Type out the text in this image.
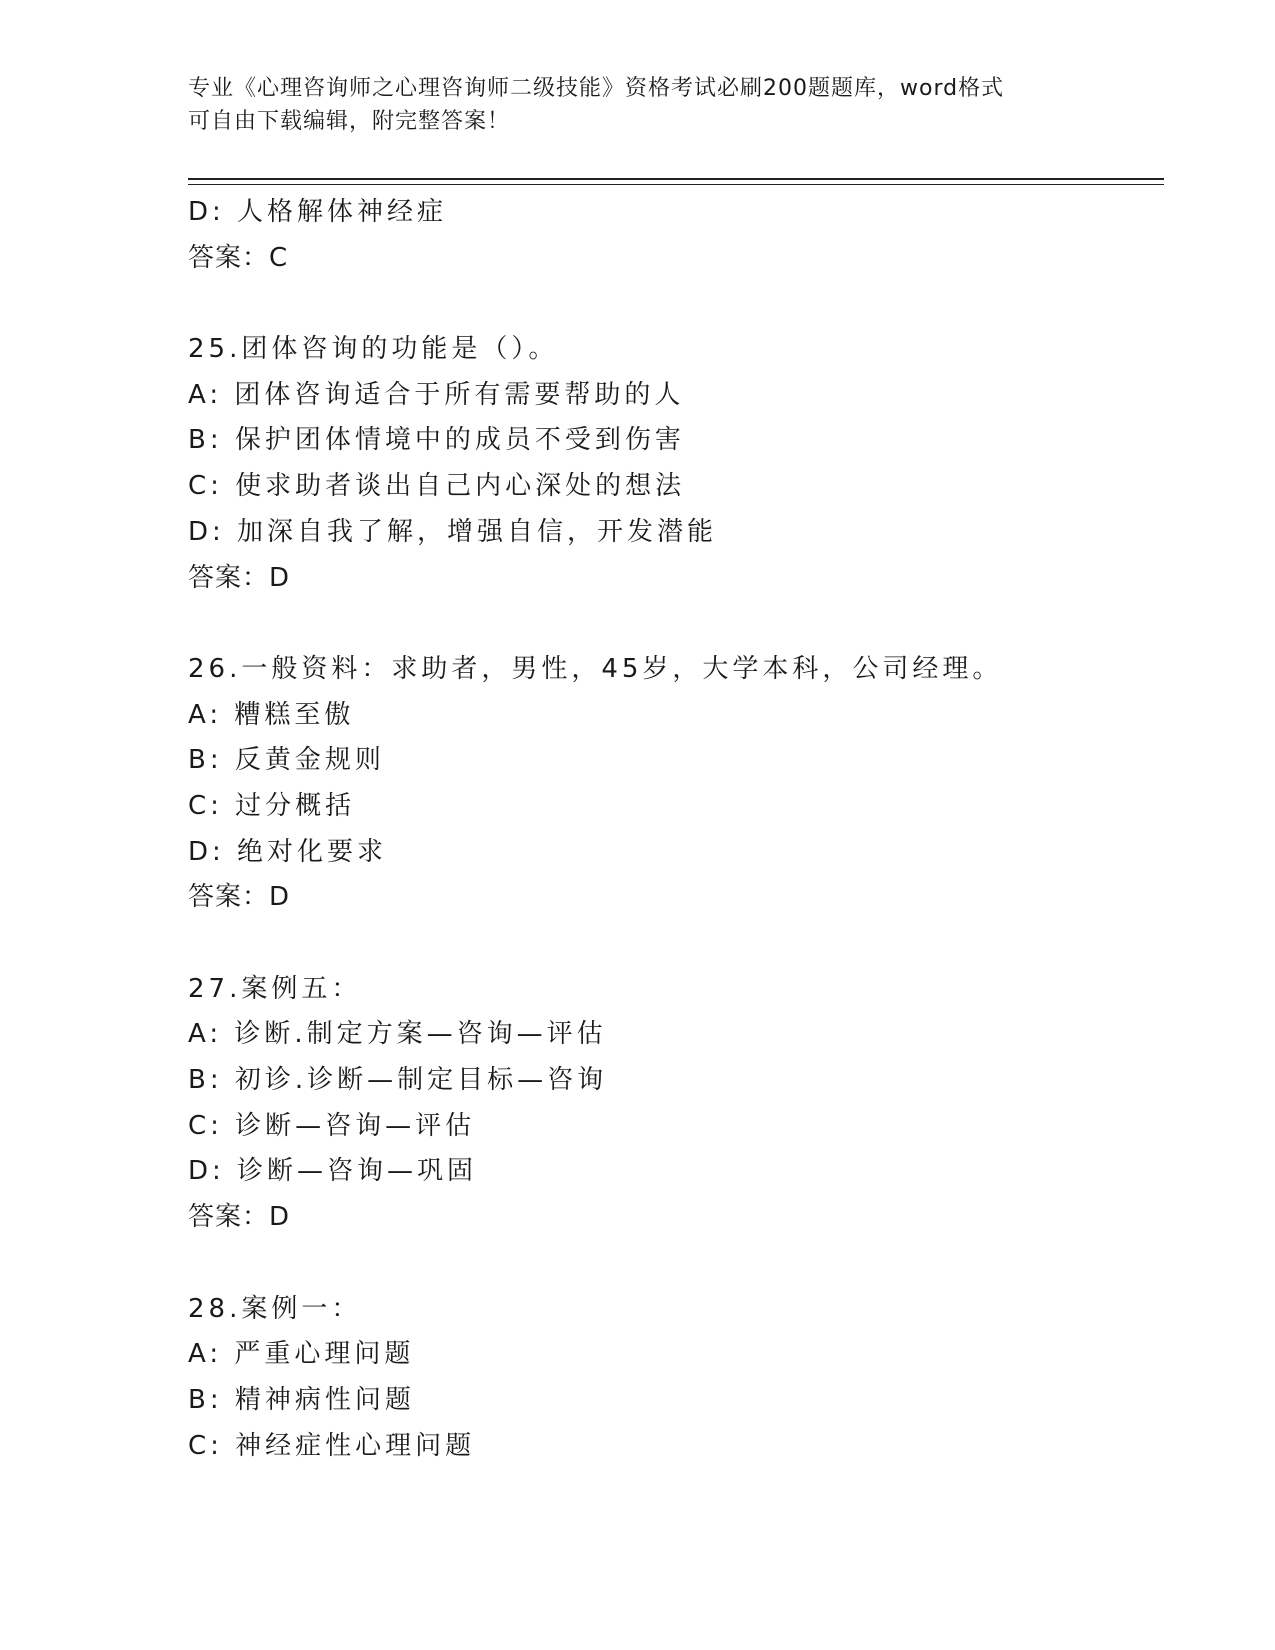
专业《心理咨询师之心理咨询师二级技能》资格考试必刷200题题库，word格式
可自由下载编辑，附完整答案！
D: 人格解体神经症
答案：C
25.团体咨询的功能是（）。
A: 团体咨询适合于所有需要帮助的人
B: 保护团体情境中的成员不受到伤害
C: 使求助者谈出自己内心深处的想法
D: 加深自我了解，增强自信，开发潜能
答案：D
26.一般资料：求助者，男性，45岁，大学本科，公司经理。
A: 糟糕至傲
B: 反黄金规则
C: 过分概括
D: 绝对化要求
答案：D
27.案例五：
A: 诊断.制定方案—咨询—评估
B: 初诊.诊断—制定目标—咨询
C: 诊断—咨询—评估
D: 诊断—咨询—巩固
答案：D
28.案例一：
A: 严重心理问题
B: 精神病性问题
C: 神经症性心理问题
